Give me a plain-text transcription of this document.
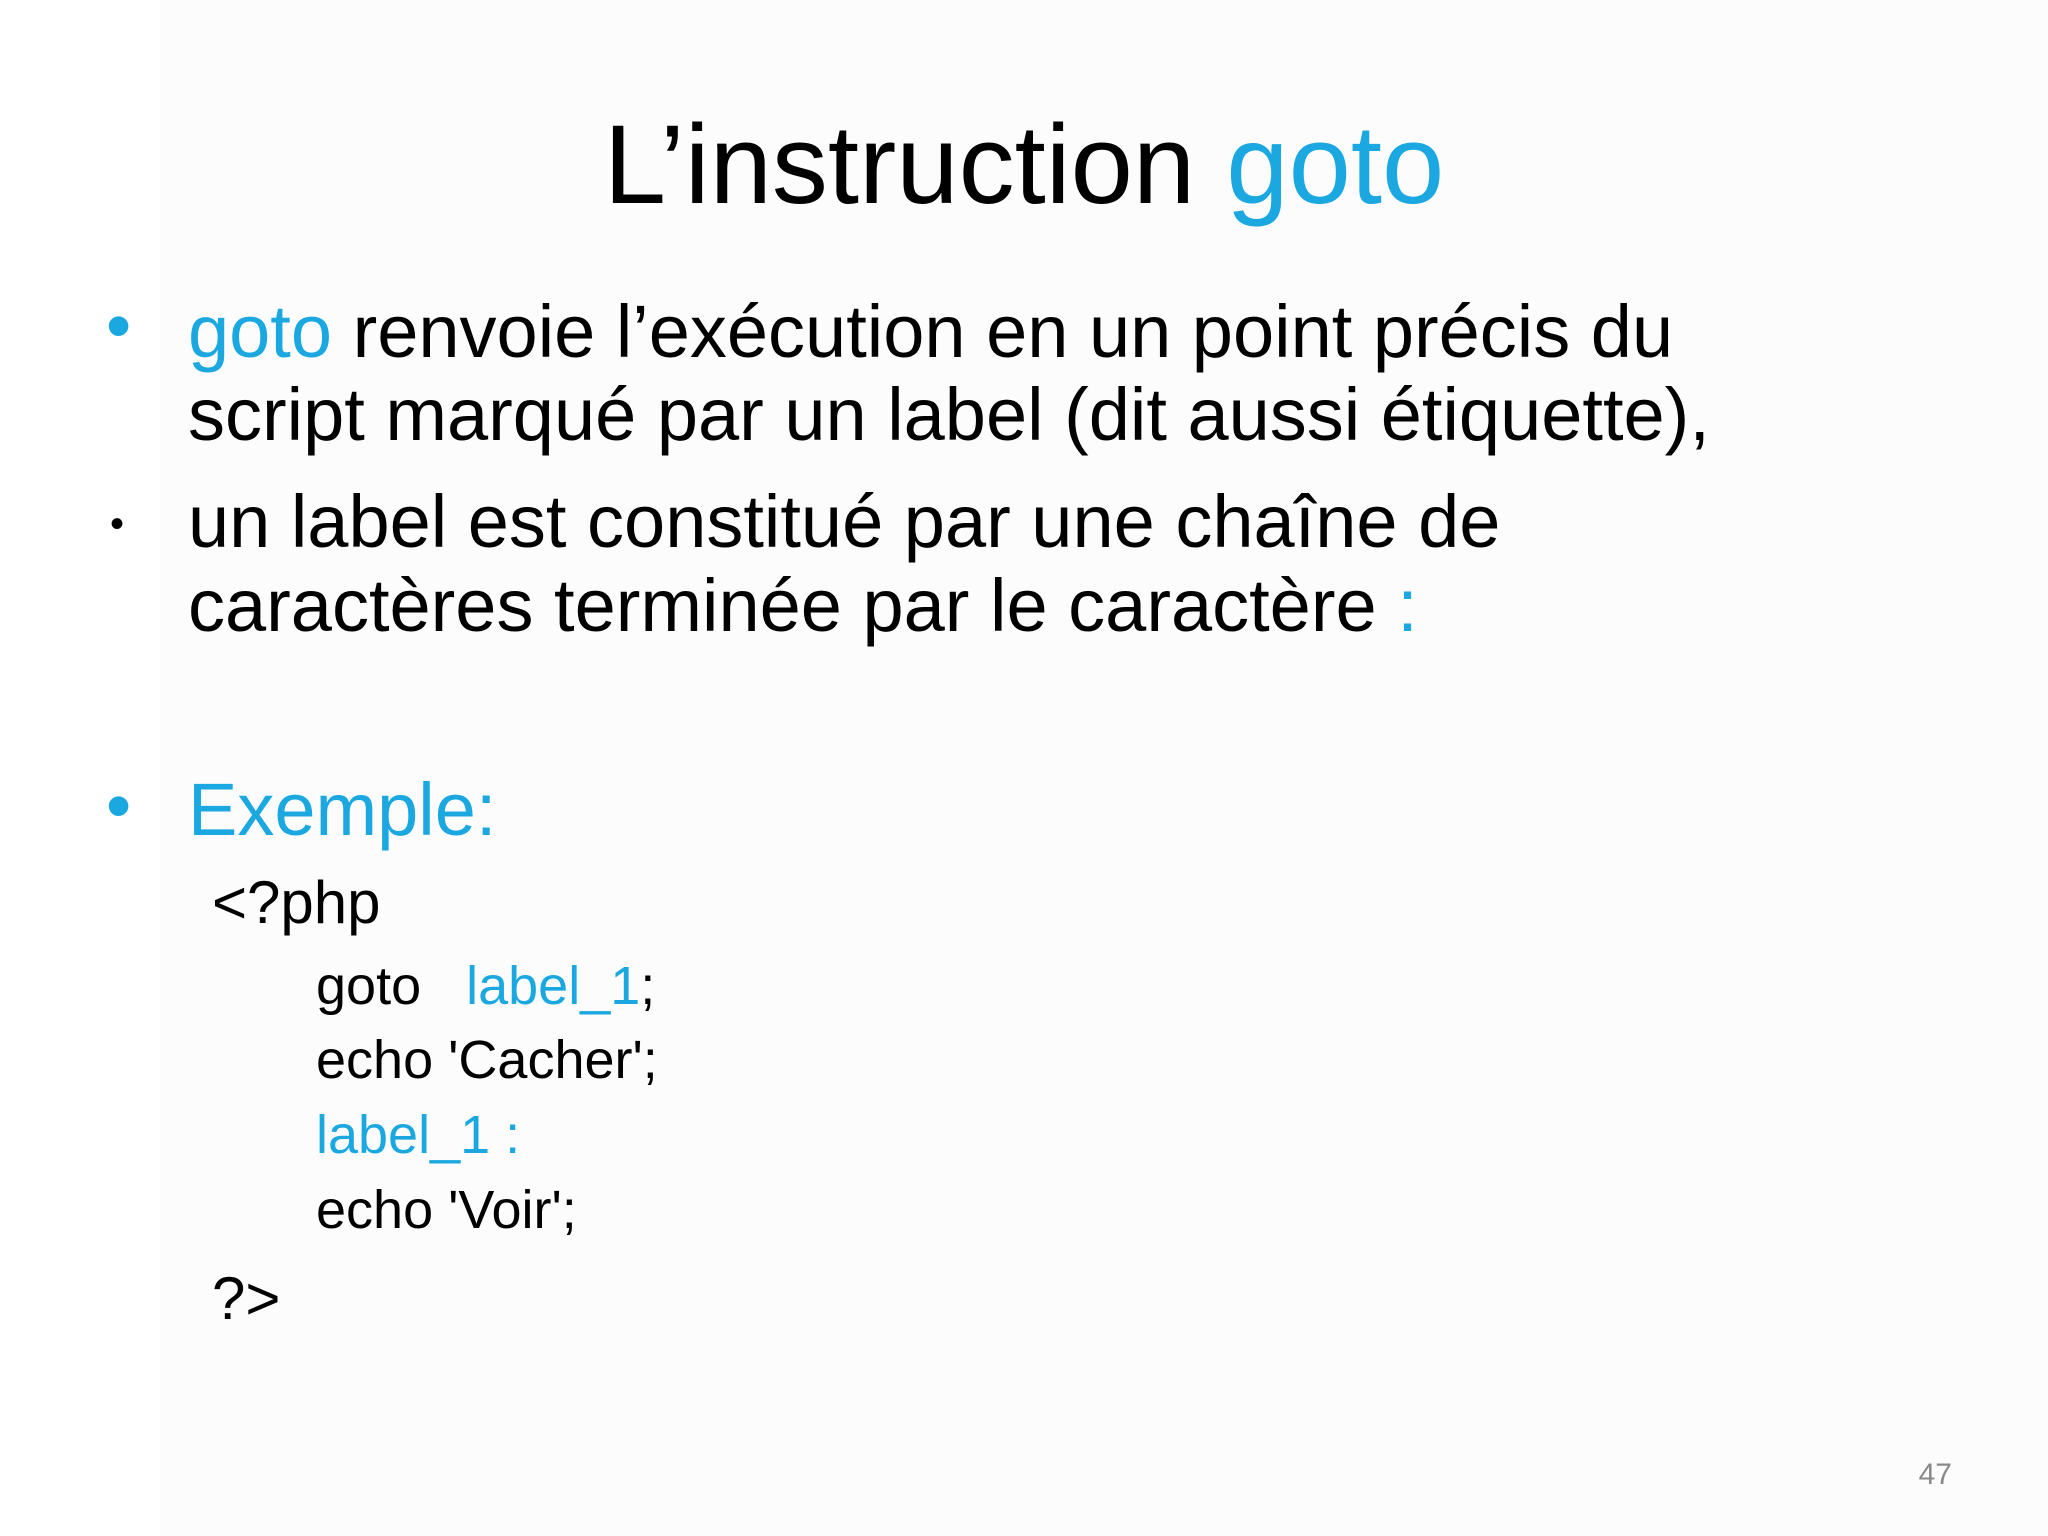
L’instruction goto
• goto renvoie l’exécution en un point précis du
script marqué par un label (dit aussi étiquette),
• un label est constitué par une chaîne de
caractères terminée par le caractère :
• Exemple:
<?php
goto   label_1;
echo 'Cacher';
label_1 :
echo 'Voir';
?>
47
